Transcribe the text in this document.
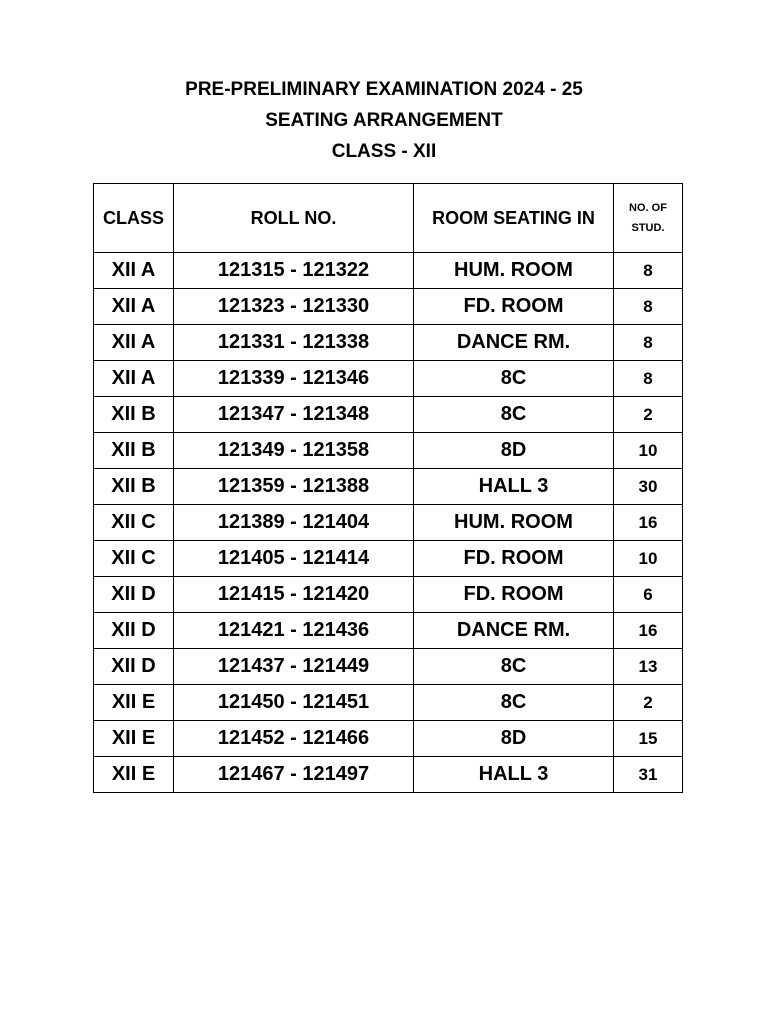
PRE-PRELIMINARY EXAMINATION 2024 - 25
SEATING ARRANGEMENT
CLASS - XII
CLASS	ROLL NO.	ROOM SEATING IN	NO. OF
STUD.
XII A	121315 - 121322	HUM. ROOM	8
XII A	121323 - 121330	FD. ROOM	8
XII A	121331 - 121338	DANCE RM.	8
XII A	121339 - 121346	8C	8
XII B	121347 - 121348	8C	2
XII B	121349 - 121358	8D	10
XII B	121359 - 121388	HALL 3	30
XII C	121389 - 121404	HUM. ROOM	16
XII C	121405 - 121414	FD. ROOM	10
XII D	121415 - 121420	FD. ROOM	6
XII D	121421 - 121436	DANCE RM.	16
XII D	121437 - 121449	8C	13
XII E	121450 - 121451	8C	2
XII E	121452 - 121466	8D	15
XII E	121467 - 121497	HALL 3	31
